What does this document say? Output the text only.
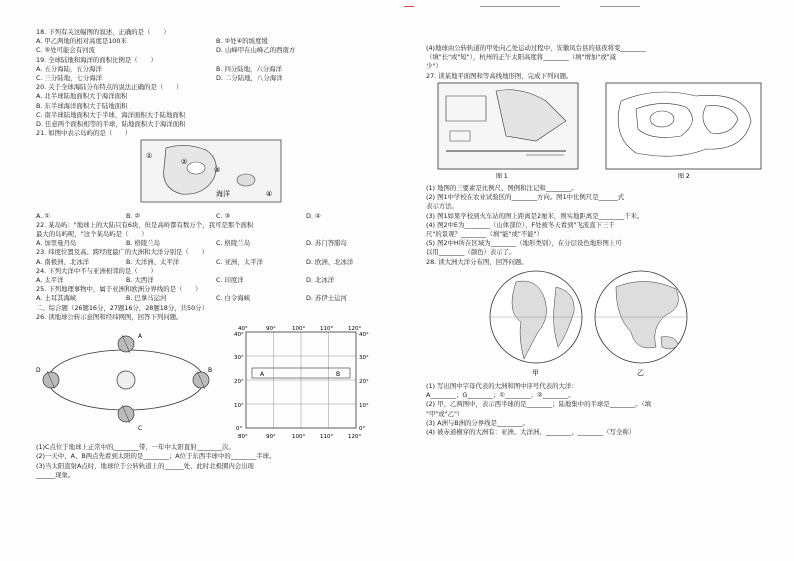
18. 下列有关这幅图的叙述，正确的是（　　）
A. 甲乙两地的相对高度是100米	B. ②处④的坡度缓
C. ⑤处可能会有河流	D. 山峰甲在山峰乙的西南方
19. 全球陆地和海洋的面积比例是（　　）
A. 五分海陆，五分海洋	B. 四分陆地，六分海洋
C. 三分陆地，七分海洋	D. 二分陆地，八分海洋
20. 关于全球海陆分布特点的说法正确的是（　　）
A. 北半球陆地面积大于海洋面积
B. 东半球海洋面积大于陆地面积
C. 南半球陆地面积大于半球，海洋面积大于陆地面积
D. 任意两个面积相等的半球，陆地面积大于海洋面积
21. 如图中表示岛屿的是（　　）
①
②
③
④
海洋
A. ①	B. ②	C. ③	D. ④
22. 某岛屿："地球上的大陆只有6块，但是高岭都有数万个，我可是那个面积
最大的岛屿呢，"这个某岛屿是（　　）
A. 加里曼丹岛	B. 格陵兰岛	C. 格陵兰岛	D. 苏门答腊岛
23. 纬度位置及高、跨经度最广的大洲和大洋分别是（　　）
A. 南极洲、北冰洋	B. 大洋洲、太平洋	C. 亚洲、太平洋	D. 欧洲、北冰洋
24. 下列大洋中不与亚洲相邻的是（　　）
A. 太平洋	B. 大西洋	C. 印度洋	D. 北冰洋
25. 下列地理事物中，属于亚洲和欧洲分界线的是（　　）
A. 土耳其海峡	B. 巴拿马运河	C. 白令海峡	D. 苏伊士运河
二、综合题（26题16分，27题16分，28题18分，共50分）
26. 读地球公转示意图和经纬网图，回答下列问题。
A
B
C
D
A	B
40°	90°	100°	110°	120°
40°
30°
20°
10°
0°
40°
30°
20°
10°
0°
80°	90°	100°	110°	120°
(1)C点位于地球上正常中的________带，一年中太阳直射________次。
(2)一天中，A、B两点先看到太阳的是________；A位于东西半球中的________半球。
(3)当太阳直射A点时，地球位于公转轨道上的______处，此时北极圈内会出现
______现象。
(4)地球由公转轨道的甲处向乙处运动过程中，安徽凤台县的昼夜将变________
（填"长"或"短"），杭州的正午太阳高度将________（填"增加"或"减
少"）
27. 读某地平面图和等高线地形图，完成下列问题。
图 1	图 2
(1) 地图的三要素是比例尺、图例和注记和________。
(2) 图1中学校在农业试验区的________方向。图1中比例尺是______式
表示方法。
(3) 图1如果学校到火车站的图上距离是2厘米，则实地距离是________千米。
(4) 图2中E为________（山体部位），F处被冬天看到"飞流直下三千
尺"的景观？________（填"能"或"不能"）
(5) 图2中H所在区域为________（地形类别），在分层设色地形图上可
以用________（颜色）表示了。
28. 读大洲大洋分布图，回答问题。
甲	乙
(1) 写出图中字母代表的大洲和图中序号代表的大洋：
A________；G________；①________；②________。
(2) 甲、乙两图中，表示西半球的是________；陆地集中的半球是________。（填
"甲"或"乙"）
(3) A洲与B洲的分界线是________。
(4) 被赤道横穿的大洲有：亚洲、大洋洲、________、________（写全称）
